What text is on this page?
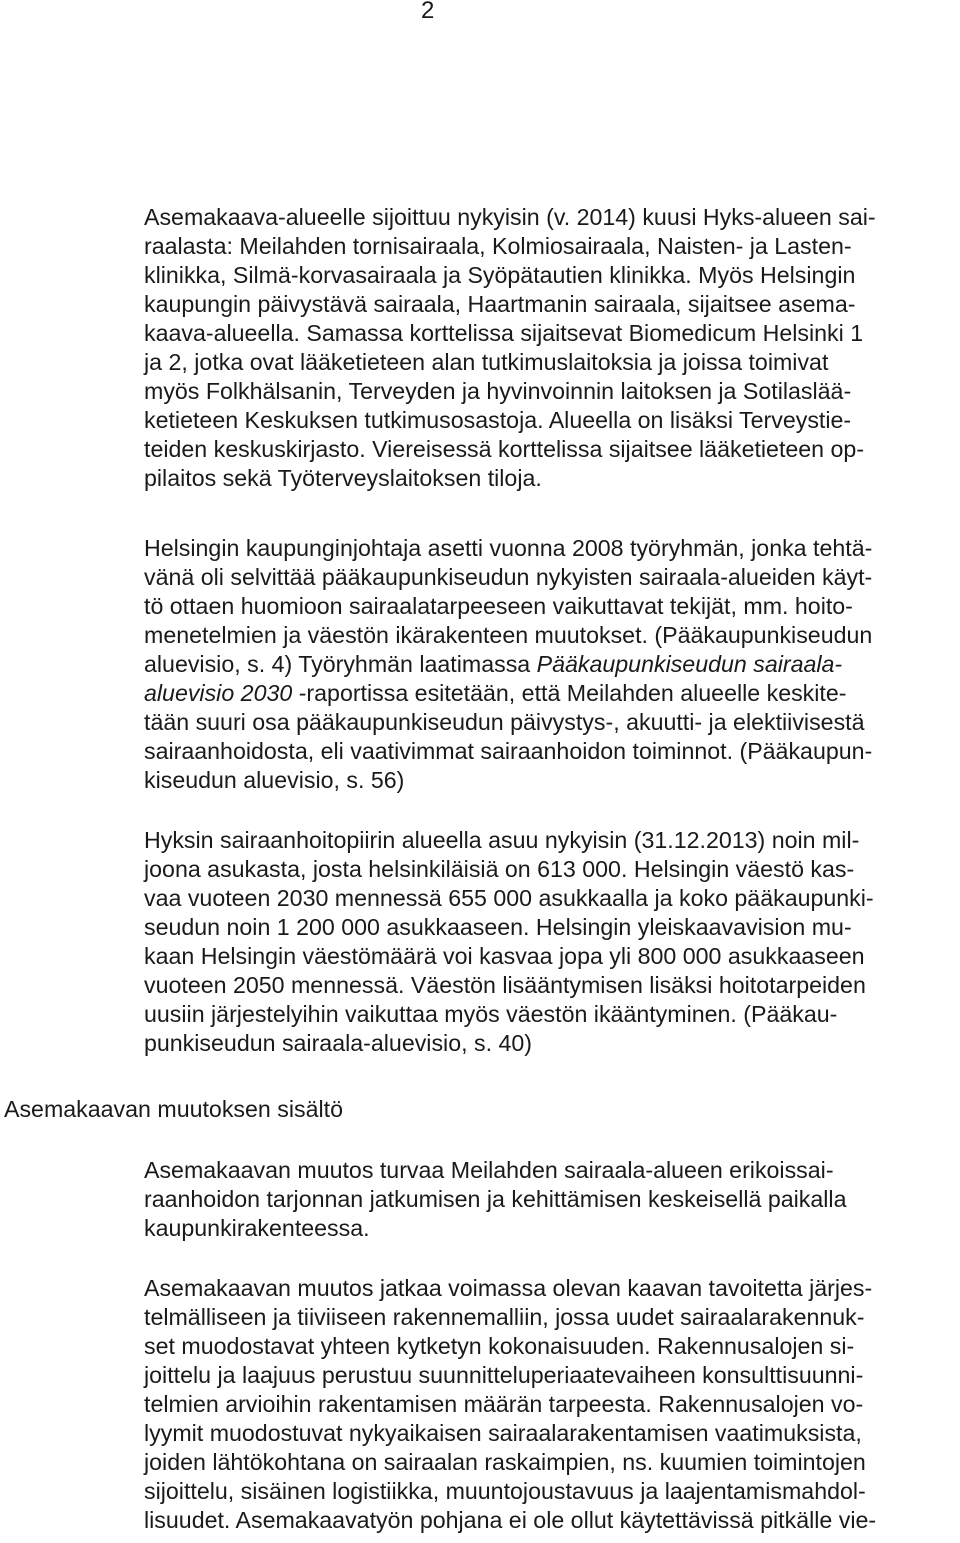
2
Asemakaava-alueelle sijoittuu nykyisin (v. 2014) kuusi Hyks-alueen sai-
raalasta: Meilahden tornisairaala, Kolmiosairaala, Naisten- ja Lasten-
klinikka, Silmä-korvasairaala ja Syöpätautien klinikka. Myös Helsingin
kaupungin päivystävä sairaala, Haartmanin sairaala, sijaitsee asema-
kaava-alueella. Samassa korttelissa sijaitsevat Biomedicum Helsinki 1
ja 2, jotka ovat lääketieteen alan tutkimuslaitoksia ja joissa toimivat
myös Folkhälsanin, Terveyden ja hyvinvoinnin laitoksen ja Sotilaslää-
ketieteen Keskuksen tutkimusosastoja. Alueella on lisäksi Terveystie-
teiden keskuskirjasto. Viereisessä korttelissa sijaitsee lääketieteen op-
pilaitos sekä Työterveyslaitoksen tiloja.
Helsingin kaupunginjohtaja asetti vuonna 2008 työryhmän, jonka tehtä-
vänä oli selvittää pääkaupunkiseudun nykyisten sairaala-alueiden käyt-
tö ottaen huomioon sairaalatarpeeseen vaikuttavat tekijät, mm. hoito-
menetelmien ja väestön ikärakenteen muutokset. (Pääkaupunkiseudun
aluevisio, s. 4) Työryhmän laatimassa Pääkaupunkiseudun sairaala-
aluevisio 2030 -raportissa esitetään, että Meilahden alueelle keskite-
tään suuri osa pääkaupunkiseudun päivystys-, akuutti- ja elektiivisestä
sairaanhoidosta, eli vaativimmat sairaanhoidon toiminnot. (Pääkaupun-
kiseudun aluevisio, s. 56)
Hyksin sairaanhoitopiirin alueella asuu nykyisin (31.12.2013) noin mil-
joona asukasta, josta helsinkiläisiä on 613 000. Helsingin väestö kas-
vaa vuoteen 2030 mennessä 655 000 asukkaalla ja koko pääkaupunki-
seudun noin 1 200 000 asukkaaseen. Helsingin yleiskaavavision mu-
kaan Helsingin väestömäärä voi kasvaa jopa yli 800 000 asukkaaseen
vuoteen 2050 mennessä. Väestön lisääntymisen lisäksi hoitotarpeiden
uusiin järjestelyihin vaikuttaa myös väestön ikääntyminen. (Pääkau-
punkiseudun sairaala-aluevisio, s. 40)
Asemakaavan muutoksen sisältö
Asemakaavan muutos turvaa Meilahden sairaala-alueen erikoissai-
raanhoidon tarjonnan jatkumisen ja kehittämisen keskeisellä paikalla
kaupunkirakenteessa.
Asemakaavan muutos jatkaa voimassa olevan kaavan tavoitetta järjes-
telmälliseen ja tiiviiseen rakennemalliin, jossa uudet sairaalarakennuk-
set muodostavat yhteen kytketyn kokonaisuuden. Rakennusalojen si-
joittelu ja laajuus perustuu suunnitteluperiaatevaiheen konsulttisuunni-
telmien arvioihin rakentamisen määrän tarpeesta. Rakennusalojen vo-
lyymit muodostuvat nykyaikaisen sairaalarakentamisen vaatimuksista,
joiden lähtökohtana on sairaalan raskaimpien, ns. kuumien toimintojen
sijoittelu, sisäinen logistiikka, muuntojoustavuus ja laajentamismahdol-
lisuudet. Asemakaavatyön pohjana ei ole ollut käytettävissä pitkälle vie-
